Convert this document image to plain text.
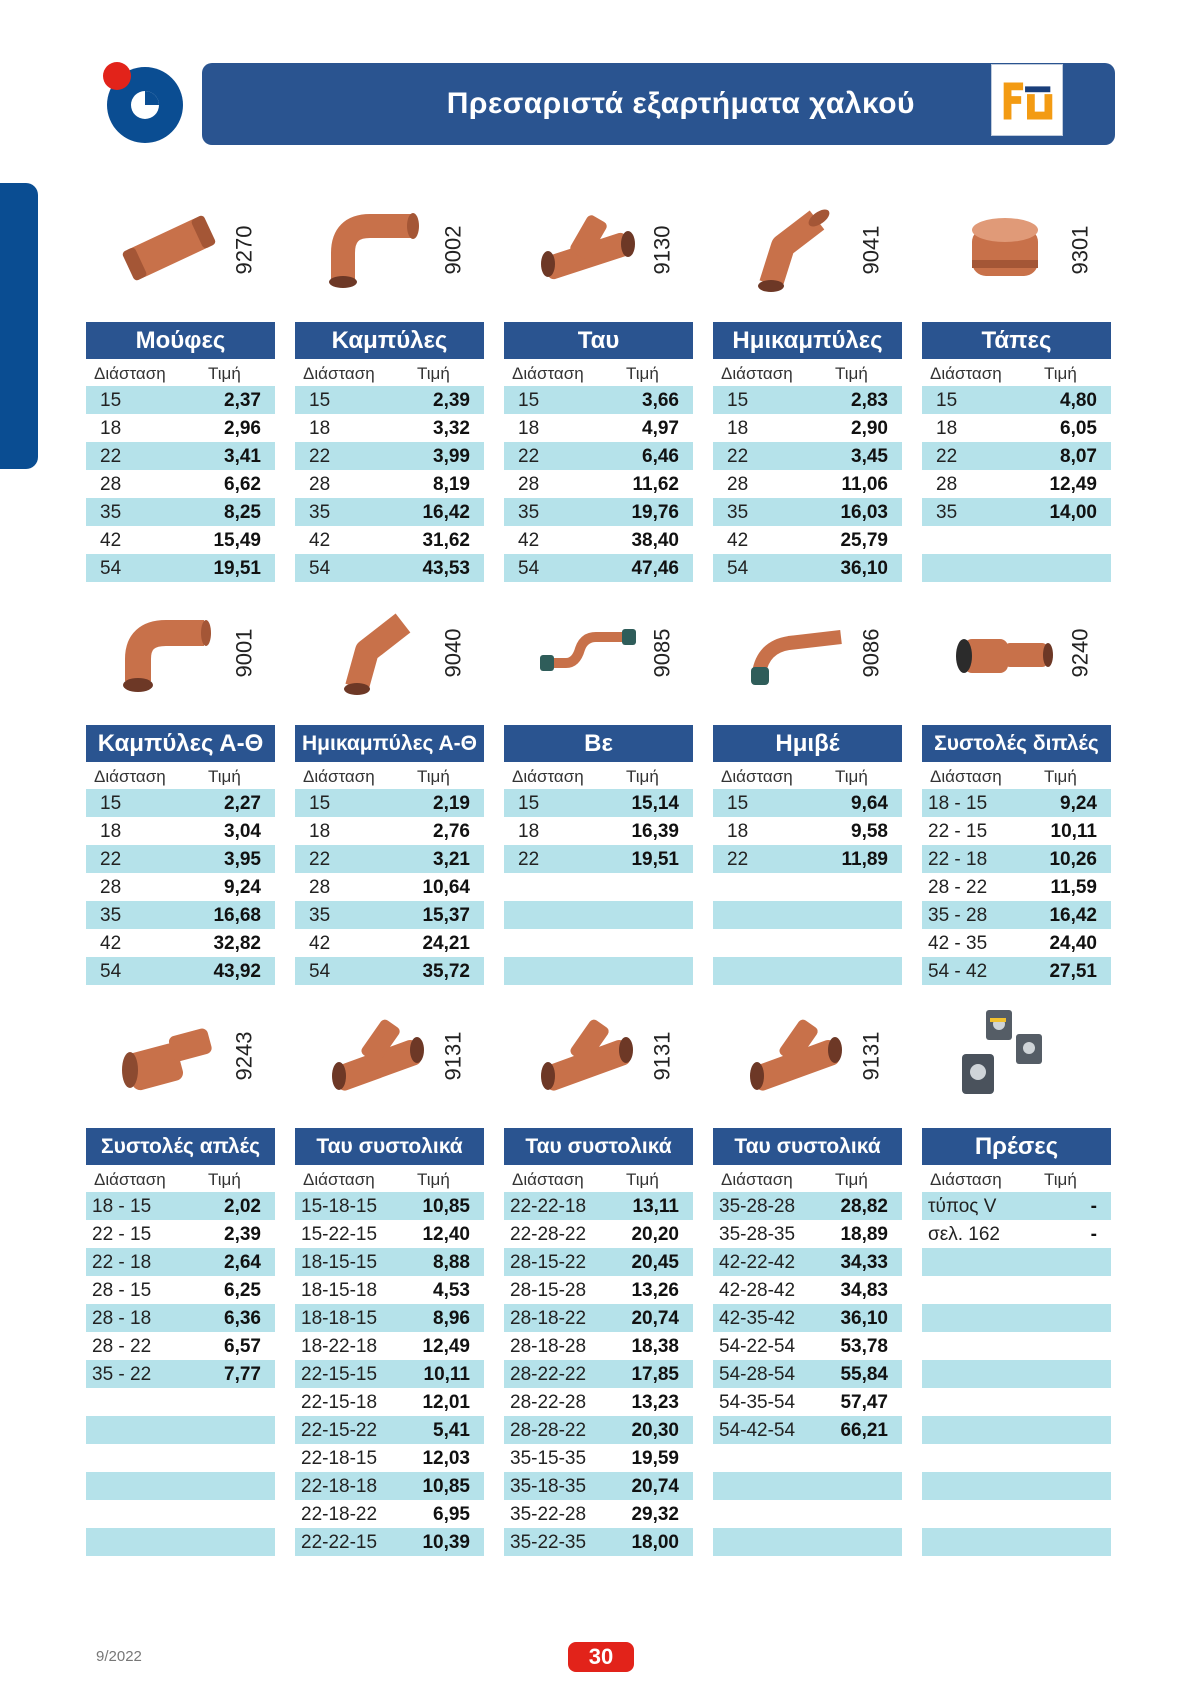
Πρεσαριστά εξαρτήματα χαλκού
9270
Μούφες
Διάσταση Τιμή
15	2,37
18	2,96
22	3,41
28	6,62
35	8,25
42	15,49
54	19,51
9002
Καμπύλες
Διάσταση Τιμή
15	2,39
18	3,32
22	3,99
28	8,19
35	16,42
42	31,62
54	43,53
9130
Ταυ
Διάσταση Τιμή
15	3,66
18	4,97
22	6,46
28	11,62
35	19,76
42	38,40
54	47,46
9041
Ημικαμπύλες
Διάσταση Τιμή
15	2,83
18	2,90
22	3,45
28	11,06
35	16,03
42	25,79
54	36,10
9301
Τάπες
Διάσταση Τιμή
15	4,80
18	6,05
22	8,07
28	12,49
35	14,00
9001
Καμπύλες Α-Θ
Διάσταση Τιμή
15	2,27
18	3,04
22	3,95
28	9,24
35	16,68
42	32,82
54	43,92
9040
Ημικαμπύλες Α-Θ
Διάσταση Τιμή
15	2,19
18	2,76
22	3,21
28	10,64
35	15,37
42	24,21
54	35,72
9085
Βε
Διάσταση Τιμή
15	15,14
18	16,39
22	19,51
9086
Ημιβέ
Διάσταση Τιμή
15	9,64
18	9,58
22	11,89
9240
Συστολές διπλές
Διάσταση Τιμή
18 - 15	9,24
22 - 15	10,11
22 - 18	10,26
28 - 22	11,59
35 - 28	16,42
42 - 35	24,40
54 - 42	27,51
9243
Συστολές απλές
Διάσταση Τιμή
18 - 15	2,02
22 - 15	2,39
22 - 18	2,64
28 - 15	6,25
28 - 18	6,36
28 - 22	6,57
35 - 22	7,77
9131
Ταυ συστολικά
Διάσταση Τιμή
15-18-15 10,85
15-22-15 12,40
18-15-15	8,88
18-15-18	4,53
18-18-15	8,96
18-22-18 12,49
22-15-15 10,11
22-15-18 12,01
22-15-22	5,41
22-18-15 12,03
22-18-18 10,85
22-18-22	6,95
22-22-15 10,39
9131
Ταυ συστολικά
Διάσταση Τιμή
22-22-18 13,11
22-28-22 20,20
28-15-22 20,45
28-15-28 13,26
28-18-22 20,74
28-18-28 18,38
28-22-22 17,85
28-22-28 13,23
28-28-22 20,30
35-15-35 19,59
35-18-35 20,74
35-22-28 29,32
35-22-35 18,00
9131
Ταυ συστολικά
Διάσταση Τιμή
35-28-28 28,82
35-28-35 18,89
42-22-42 34,33
42-28-42 34,83
42-35-42 36,10
54-22-54 53,78
54-28-54 55,84
54-35-54 57,47
54-42-54 66,21
Πρέσες
Διάσταση Τιμή
τύπος V	-
σελ. 162	-
9/2022	30
